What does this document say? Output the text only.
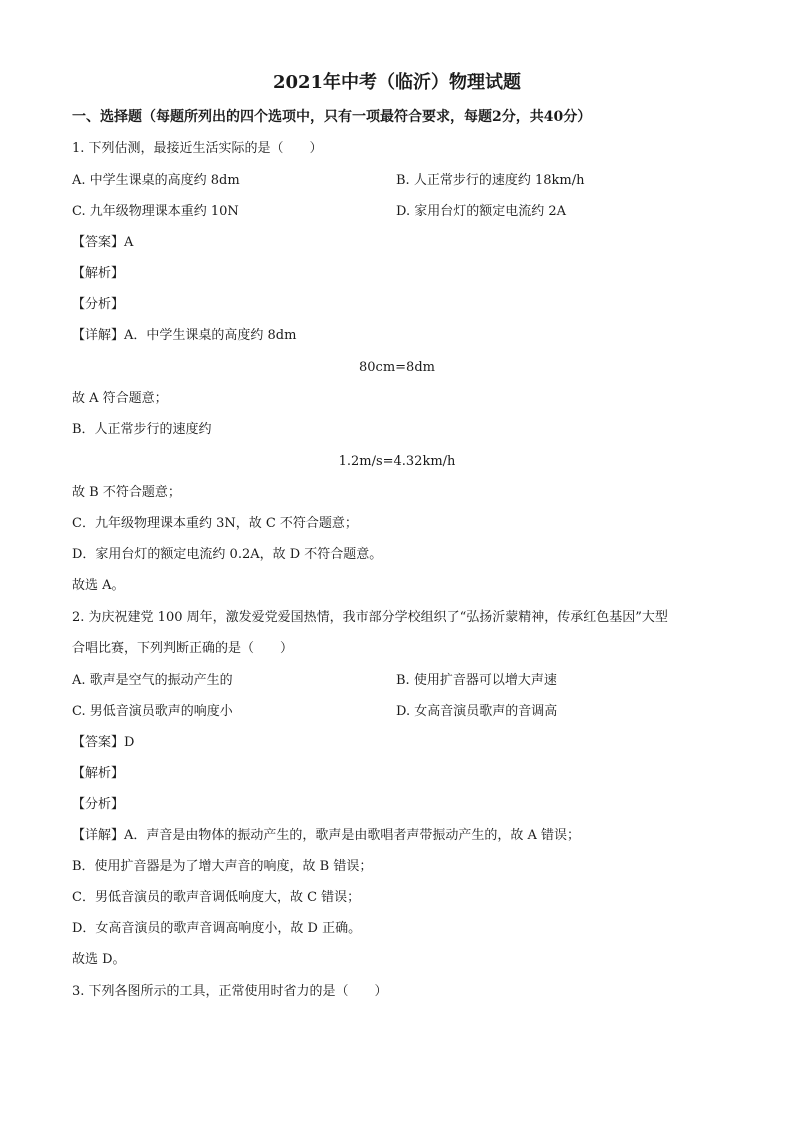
2021年中考（临沂）物理试题
一、选择题（每题所列出的四个选项中，只有一项最符合要求，每题2分，共40分）
1. 下列估测，最接近生活实际的是（　　）
A. 中学生课桌的高度约 8dm	B. 人正常步行的速度约 18km/h
C. 九年级物理课本重约 10N	D. 家用台灯的额定电流约 2A
【答案】A
【解析】
【分析】
【详解】A．中学生课桌的高度约 8dm
80cm=8dm
故 A 符合题意；
B．人正常步行的速度约
1.2m/s=4.32km/h
故 B 不符合题意；
C．九年级物理课本重约 3N，故 C 不符合题意；
D．家用台灯的额定电流约 0.2A，故 D 不符合题意。
故选 A。
2. 为庆祝建党 100 周年，激发爱党爱国热情，我市部分学校组织了“弘扬沂蒙精神，传承红色基因”大型
合唱比赛，下列判断正确的是（　　）
A. 歌声是空气的振动产生的	B. 使用扩音器可以增大声速
C. 男低音演员歌声的响度小	D. 女高音演员歌声的音调高
【答案】D
【解析】
【分析】
【详解】A．声音是由物体的振动产生的，歌声是由歌唱者声带振动产生的，故 A 错误；
B．使用扩音器是为了增大声音的响度，故 B 错误；
C．男低音演员的歌声音调低响度大，故 C 错误；
D．女高音演员的歌声音调高响度小，故 D 正确。
故选 D。
3. 下列各图所示的工具，正常使用时省力的是（　　）
